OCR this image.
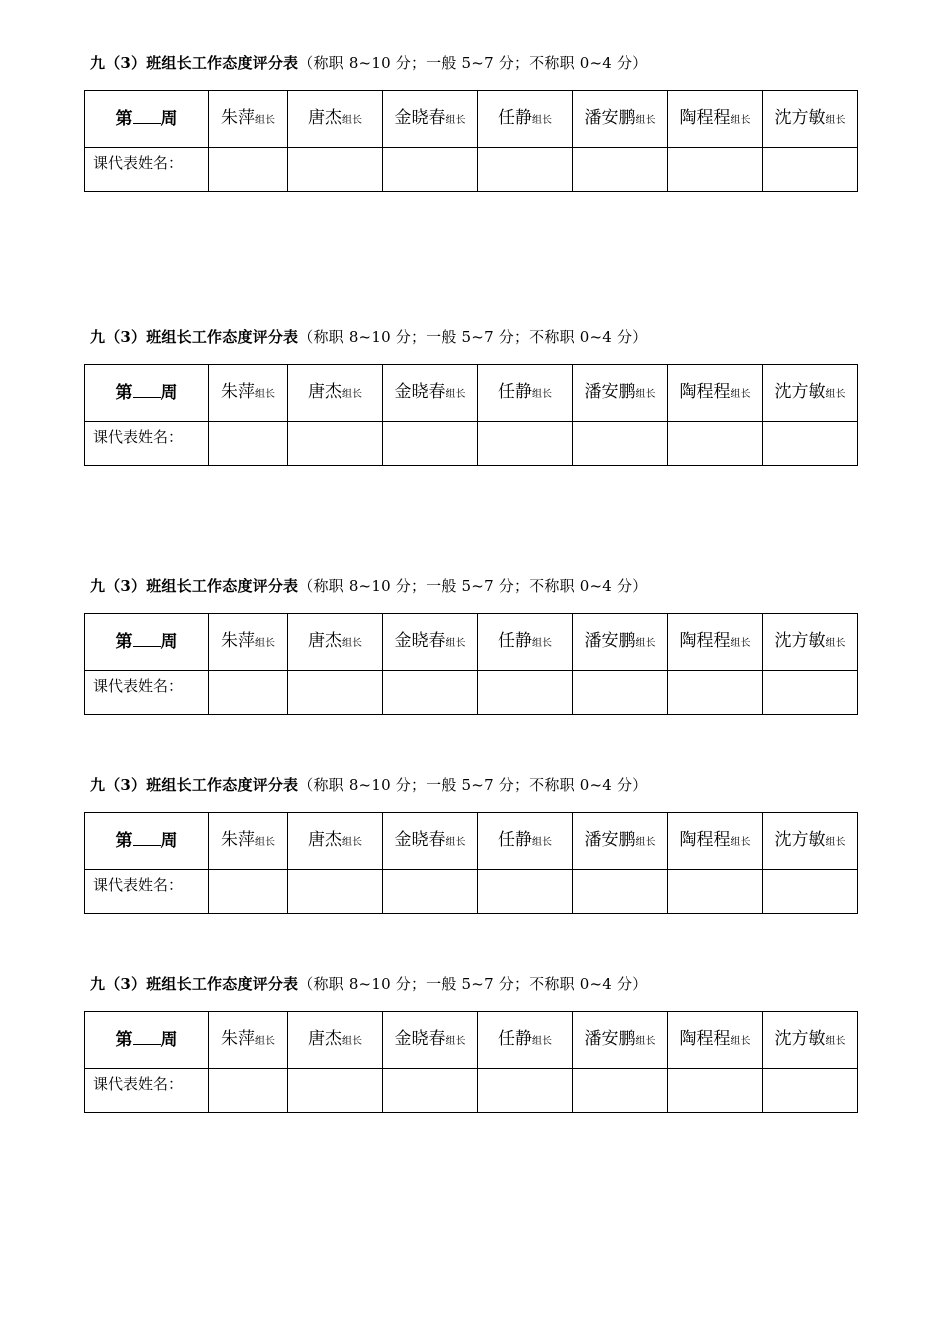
九（3）班组长工作态度评分表（称职 8~10 分；一般 5~7 分；不称职 0~4 分）
第 周	朱萍组长	唐杰组长	金晓春组长	任静组长	潘安鹏组长	陶程程组长	沈方敏组长
课代表姓名：							
九（3）班组长工作态度评分表（称职 8~10 分；一般 5~7 分；不称职 0~4 分）
第 周	朱萍组长	唐杰组长	金晓春组长	任静组长	潘安鹏组长	陶程程组长	沈方敏组长
课代表姓名：							
九（3）班组长工作态度评分表（称职 8~10 分；一般 5~7 分；不称职 0~4 分）
第 周	朱萍组长	唐杰组长	金晓春组长	任静组长	潘安鹏组长	陶程程组长	沈方敏组长
课代表姓名：							
九（3）班组长工作态度评分表（称职 8~10 分；一般 5~7 分；不称职 0~4 分）
第 周	朱萍组长	唐杰组长	金晓春组长	任静组长	潘安鹏组长	陶程程组长	沈方敏组长
课代表姓名：							
九（3）班组长工作态度评分表（称职 8~10 分；一般 5~7 分；不称职 0~4 分）
第 周	朱萍组长	唐杰组长	金晓春组长	任静组长	潘安鹏组长	陶程程组长	沈方敏组长
课代表姓名：							
